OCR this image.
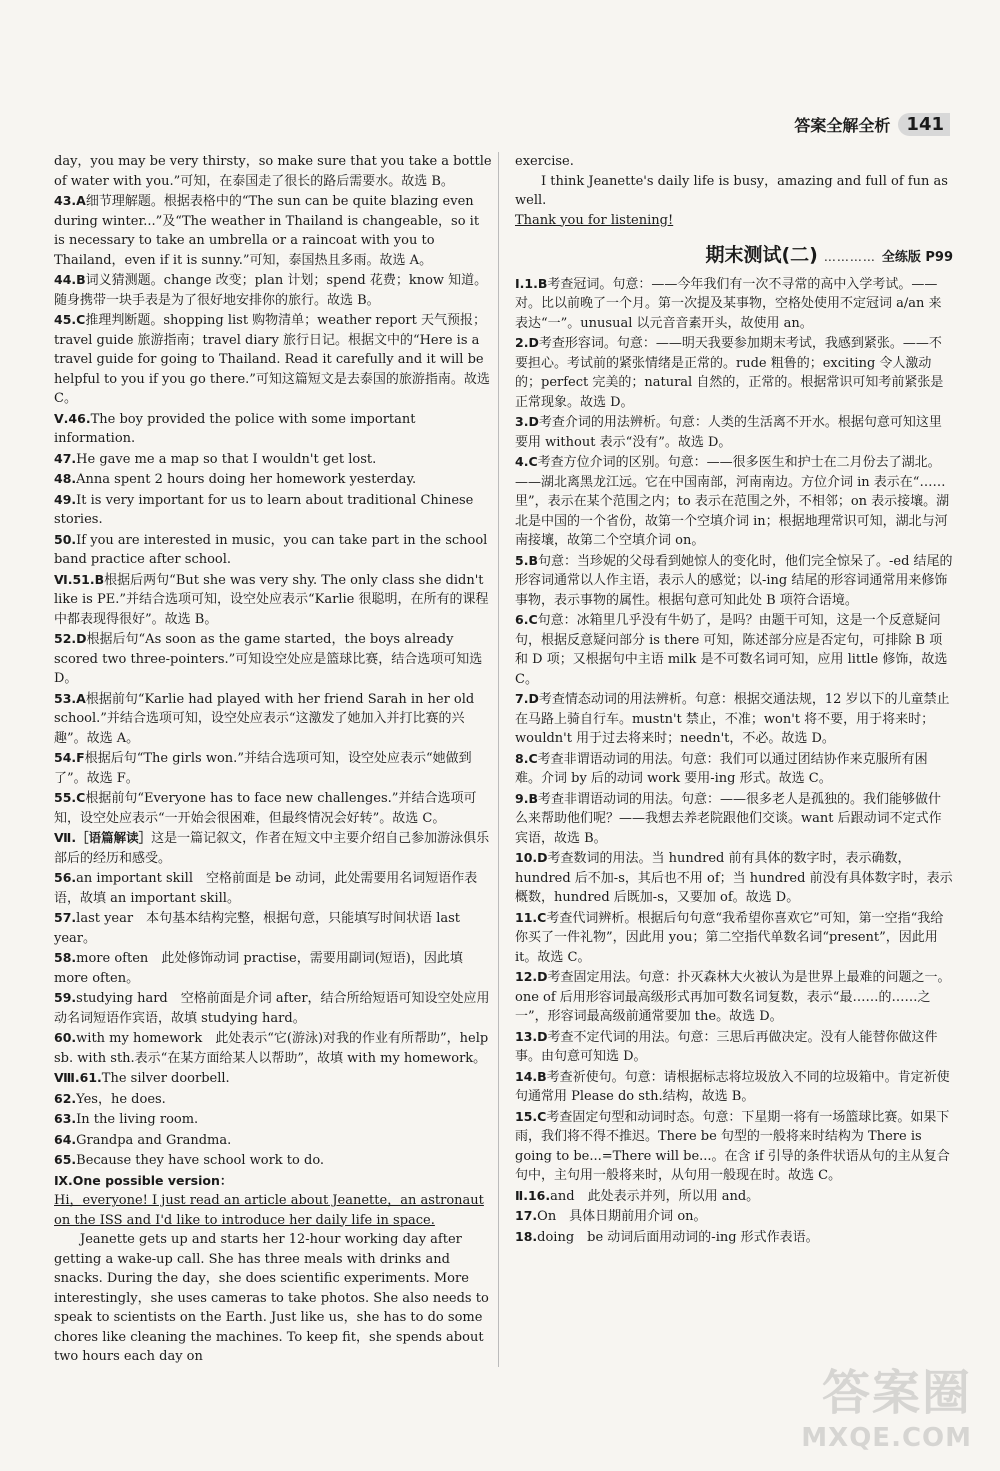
答案全解全析 141

day，you may be very thirsty，so make sure that you take a bottle of water with you.”可知，在泰国走了很长的路后需要水。故选 B。

43.A细节理解题。根据表格中的“The sun can be quite blazing even during winter...”及“The weather in Thailand is changeable，so it is necessary to take an umbrella or a raincoat with you to Thailand，even if it is sunny.”可知，泰国热且多雨。故选 A。

44.B词义猜测题。change 改变；plan 计划；spend 花费；know 知道。随身携带一块手表是为了很好地安排你的旅行。故选 B。

45.C推理判断题。shopping list 购物清单；weather report 天气预报；travel guide 旅游指南；travel diary 旅行日记。根据文中的“Here is a travel guide for going to Thailand. Read it carefully and it will be helpful to you if you go there.”可知这篇短文是去泰国的旅游指南。故选 C。

Ⅴ.46.The boy provided the police with some important information.

47.He gave me a map so that I wouldn't get lost.

48.Anna spent 2 hours doing her homework yesterday.

49.It is very important for us to learn about traditional Chinese stories.

50.If you are interested in music，you can take part in the school band practice after school.

Ⅵ.51.B根据后两句“But she was very shy. The only class she didn't like is PE.”并结合选项可知，设空处应表示“Karlie 很聪明，在所有的课程中都表现得很好”。故选 B。

52.D根据后句“As soon as the game started，the boys already scored two three-pointers.”可知设空处应是篮球比赛，结合选项可知选 D。

53.A根据前句“Karlie had played with her friend Sarah in her old school.”并结合选项可知，设空处应表示“这激发了她加入并打比赛的兴趣”。故选 A。

54.F根据后句“The girls won.”并结合选项可知，设空处应表示“她做到了”。故选 F。

55.C根据前句“Everyone has to face new challenges.”并结合选项可知，设空处应表示“一开始会很困难，但最终情况会好转”。故选 C。

Ⅶ.［语篇解读］这是一篇记叙文，作者在短文中主要介绍自己参加游泳俱乐部后的经历和感受。

56.an important skill　空格前面是 be 动词，此处需要用名词短语作表语，故填 an important skill。

57.last year　本句基本结构完整，根据句意，只能填写时间状语 last year。

58.more often　此处修饰动词 practise，需要用副词(短语)，因此填 more often。

59.studying hard　空格前面是介词 after，结合所给短语可知设空处应用动名词短语作宾语，故填 studying hard。

60.with my homework　此处表示“它(游泳)对我的作业有所帮助”，help sb. with sth.表示“在某方面给某人以帮助”，故填 with my homework。

Ⅷ.61.The silver doorbell.

62.Yes，he does.

63.In the living room.

64.Grandpa and Grandma.

65.Because they have school work to do.

Ⅸ.One possible version：

Hi，everyone! I just read an article about Jeanette，an astronaut on the ISS and I'd like to introduce her daily life in space.

Jeanette gets up and starts her 12-hour working day after getting a wake-up call. She has three meals with drinks and snacks. During the day，she does scientific experiments. More interestingly，she uses cameras to take photos. She also needs to speak to scientists on the Earth. Just like us，she has to do some chores like cleaning the machines. To keep fit，she spends about two hours each day on

exercise.

I think Jeanette's daily life is busy，amazing and full of fun as well.

Thank you for listening!

期末测试(二) ………… 全练版 P99

Ⅰ.1.B考查冠词。句意：——今年我们有一次不寻常的高中入学考试。——对。比以前晚了一个月。第一次提及某事物，空格处使用不定冠词 a/an 来表达“一”。unusual 以元音音素开头，故使用 an。

2.D考查形容词。句意：——明天我要参加期末考试，我感到紧张。——不要担心。考试前的紧张情绪是正常的。rude 粗鲁的；exciting 令人激动的；perfect 完美的；natural 自然的，正常的。根据常识可知考前紧张是正常现象。故选 D。

3.D考查介词的用法辨析。句意：人类的生活离不开水。根据句意可知这里要用 without 表示“没有”。故选 D。

4.C考查方位介词的区别。句意：——很多医生和护士在二月份去了湖北。——湖北离黑龙江远。它在中国南部，河南南边。方位介词 in 表示在“……里”，表示在某个范围之内；to 表示在范围之外，不相邻；on 表示接壤。湖北是中国的一个省份，故第一个空填介词 in；根据地理常识可知，湖北与河南接壤，故第二个空填介词 on。

5.B句意：当珍妮的父母看到她惊人的变化时，他们完全惊呆了。-ed 结尾的形容词通常以人作主语，表示人的感觉；以-ing 结尾的形容词通常用来修饰事物，表示事物的属性。根据句意可知此处 B 项符合语境。

6.C句意：冰箱里几乎没有牛奶了，是吗？由题干可知，这是一个反意疑问句，根据反意疑问部分 is there 可知，陈述部分应是否定句，可排除 B 项和 D 项；又根据句中主语 milk 是不可数名词可知，应用 little 修饰，故选 C。

7.D考查情态动词的用法辨析。句意：根据交通法规，12 岁以下的儿童禁止在马路上骑自行车。mustn't 禁止，不准；won't 将不要，用于将来时；wouldn't 用于过去将来时；needn't，不必。故选 D。

8.C考查非谓语动词的用法。句意：我们可以通过团结协作来克服所有困难。介词 by 后的动词 work 要用-ing 形式。故选 C。

9.B考查非谓语动词的用法。句意：——很多老人是孤独的。我们能够做什么来帮助他们呢？——我想去养老院跟他们交谈。want 后跟动词不定式作宾语，故选 B。

10.D考查数词的用法。当 hundred 前有具体的数字时，表示确数，hundred 后不加-s，其后也不用 of；当 hundred 前没有具体数字时，表示概数，hundred 后既加-s，又要加 of。故选 D。

11.C考查代词辨析。根据后句句意“我希望你喜欢它”可知，第一空指“我给你买了一件礼物”，因此用 you；第二空指代单数名词“present”，因此用 it。故选 C。

12.D考查固定用法。句意：扑灭森林大火被认为是世界上最难的问题之一。one of 后用形容词最高级形式再加可数名词复数，表示“最……的……之一”，形容词最高级前通常要加 the。故选 D。

13.D考查不定代词的用法。句意：三思后再做决定。没有人能替你做这件事。由句意可知选 D。

14.B考查祈使句。句意：请根据标志将垃圾放入不同的垃圾箱中。肯定祈使句通常用 Please do sth.结构，故选 B。

15.C考查固定句型和动词时态。句意：下星期一将有一场篮球比赛。如果下雨，我们将不得不推迟。There be 句型的一般将来时结构为 There is going to be...=There will be...。在含 if 引导的条件状语从句的主从复合句中，主句用一般将来时，从句用一般现在时。故选 C。

Ⅱ.16.and　此处表示并列，所以用 and。

17.On　具体日期前用介词 on。

18.doing　be 动词后面用动词的-ing 形式作表语。

答案圈
MXQE.COM
